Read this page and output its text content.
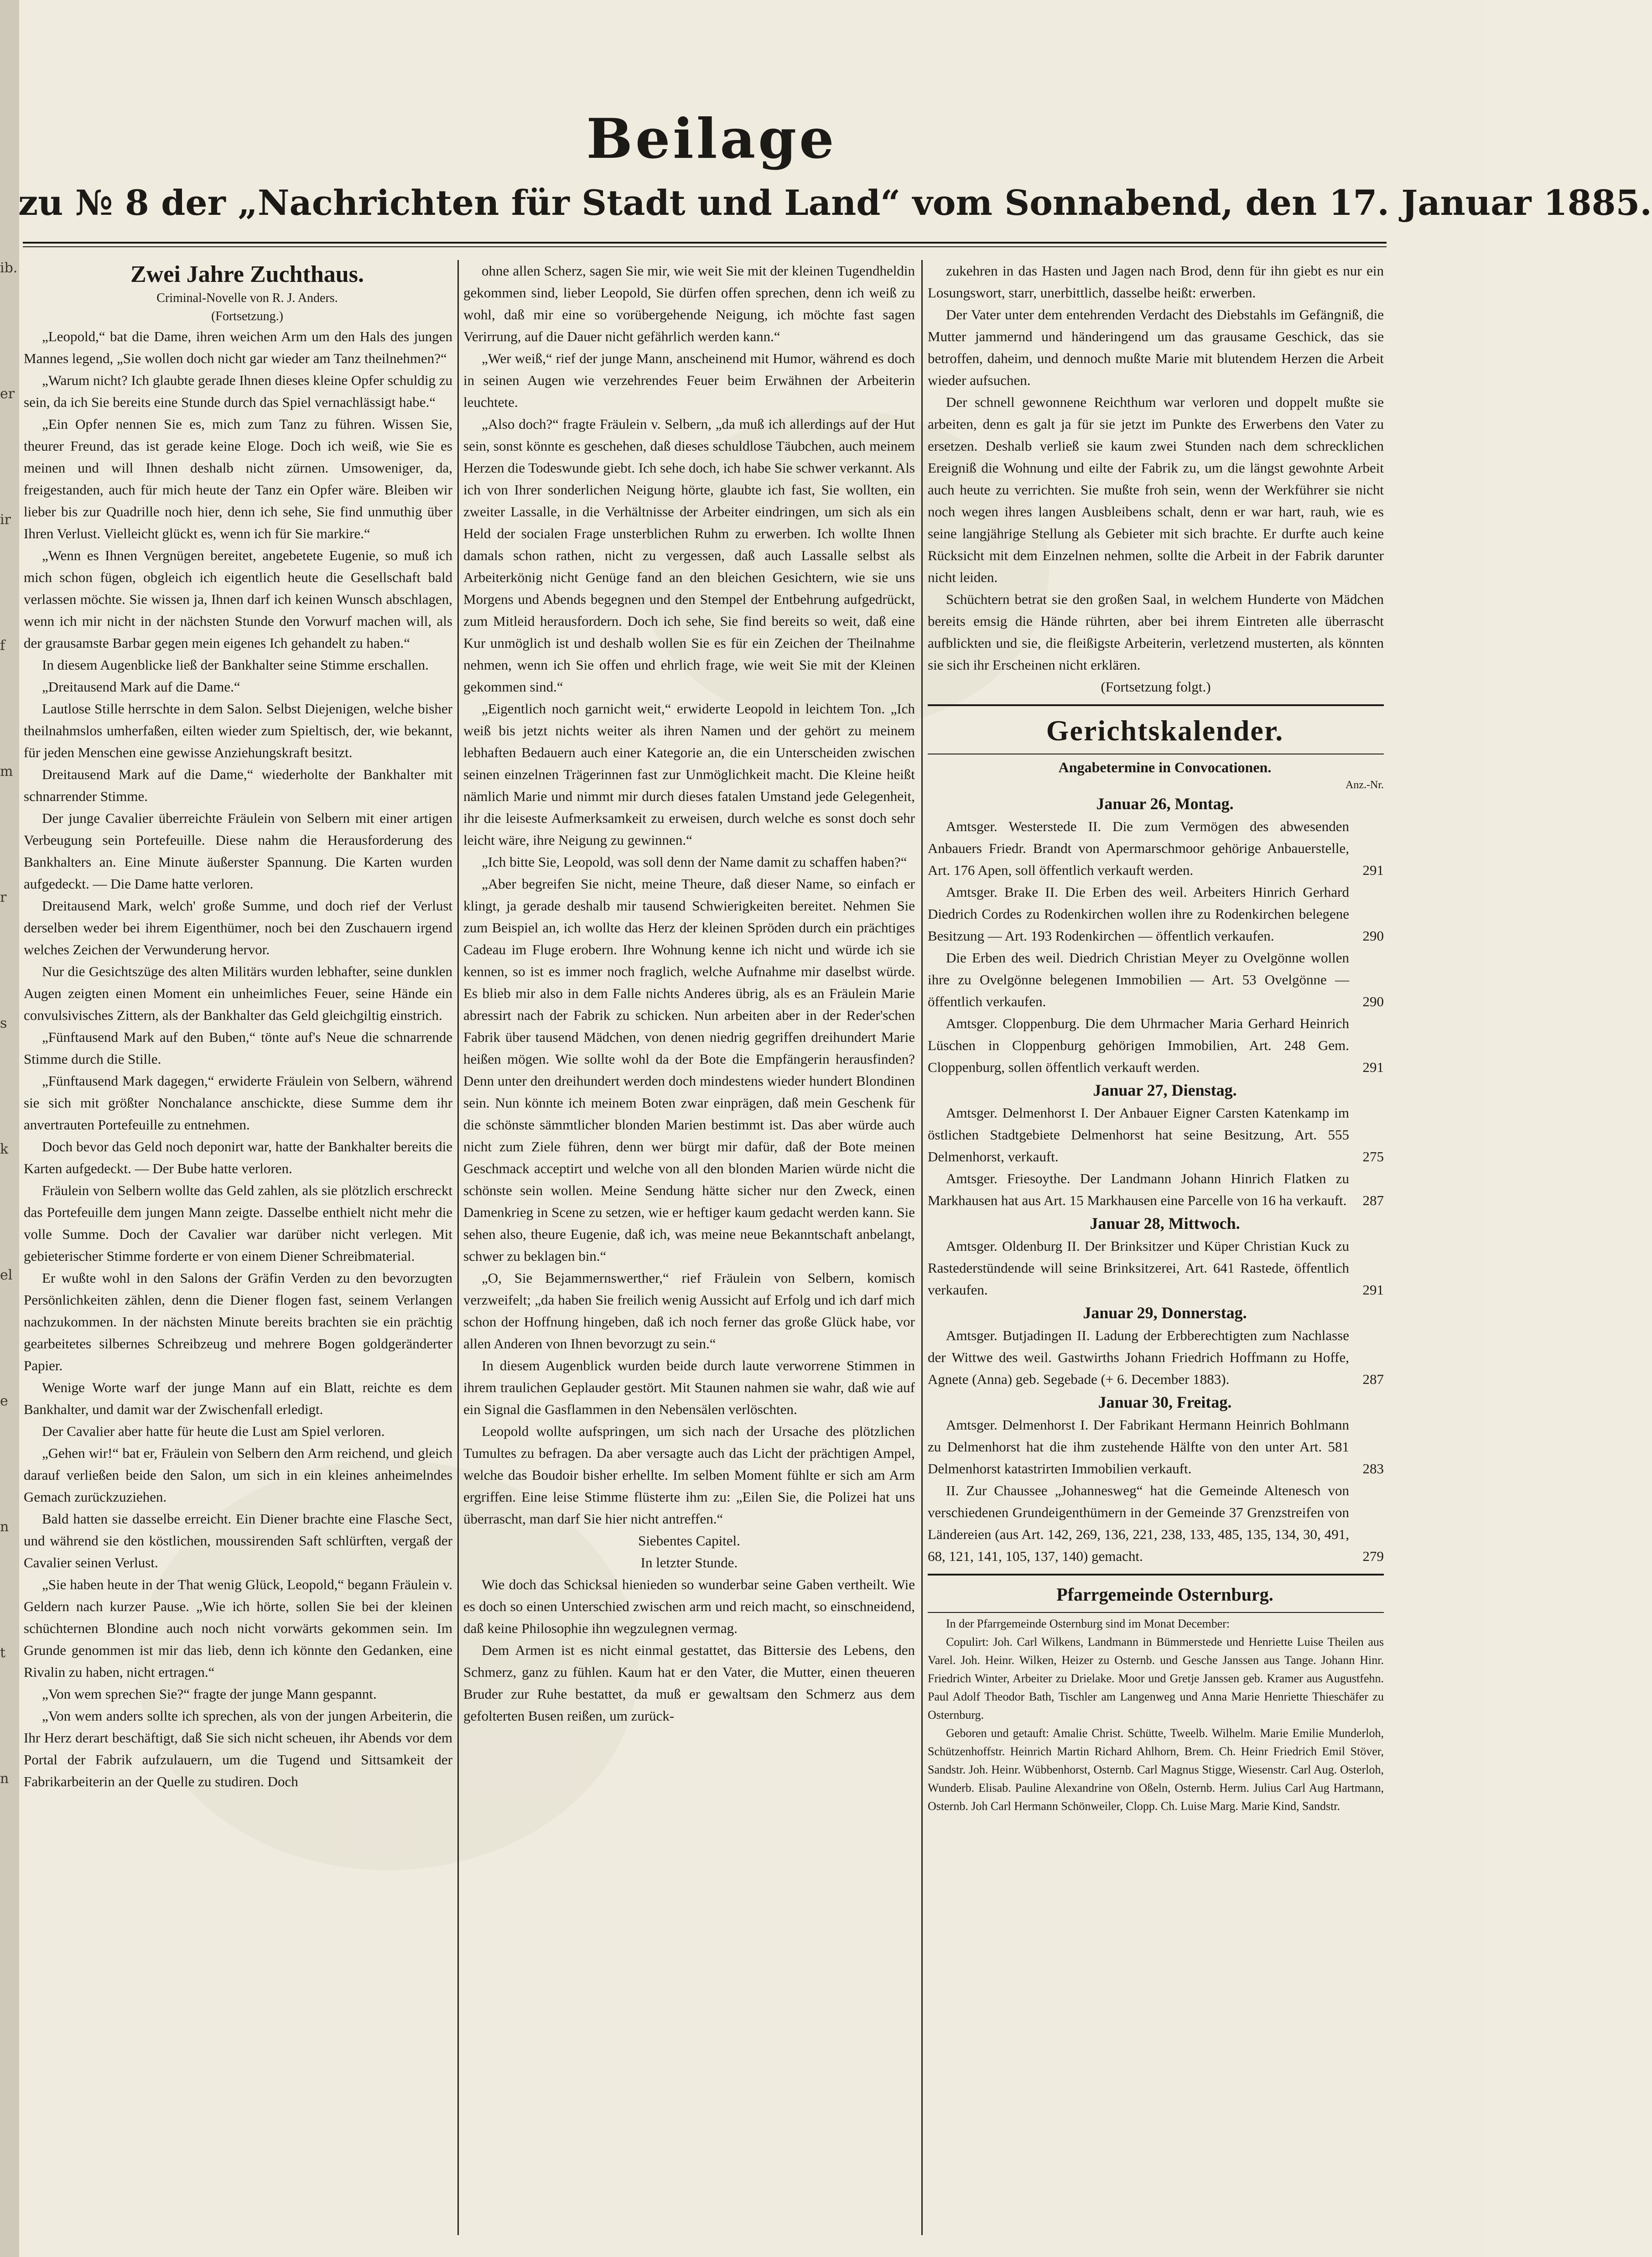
ib.
er
ir
f
m
r
s
k
el
e
n
t
n
Beilage
zu № 8 der „Nachrichten für Stadt und Land“ vom Sonnabend, den 17. Januar 1885.

Zwei Jahre Zuchthaus.

Criminal-Novelle von R. J. Anders.

(Fortsetzung.)

„Leopold,“ bat die Dame, ihren weichen Arm um den Hals des jungen Mannes legend, „Sie wollen doch nicht gar wieder am Tanz theilnehmen?“

„Warum nicht? Ich glaubte gerade Ihnen dieses kleine Opfer schuldig zu sein, da ich Sie bereits eine Stunde durch das Spiel vernachlässigt habe.“

„Ein Opfer nennen Sie es, mich zum Tanz zu führen. Wissen Sie, theurer Freund, das ist gerade keine Eloge. Doch ich weiß, wie Sie es meinen und will Ihnen deshalb nicht zürnen. Umsoweniger, da, freigestanden, auch für mich heute der Tanz ein Opfer wäre. Bleiben wir lieber bis zur Quadrille noch hier, denn ich sehe, Sie find unmuthig über Ihren Verlust. Vielleicht glückt es, wenn ich für Sie markire.“

„Wenn es Ihnen Vergnügen bereitet, angebetete Eugenie, so muß ich mich schon fügen, obgleich ich eigentlich heute die Gesellschaft bald verlassen möchte. Sie wissen ja, Ihnen darf ich keinen Wunsch abschlagen, wenn ich mir nicht in der nächsten Stunde den Vorwurf machen will, als der grausamste Barbar gegen mein eigenes Ich gehandelt zu haben.“

In diesem Augenblicke ließ der Bankhalter seine Stimme erschallen.

„Dreitausend Mark auf die Dame.“

Lautlose Stille herrschte in dem Salon. Selbst Diejenigen, welche bisher theilnahmslos umherfaßen, eilten wieder zum Spieltisch, der, wie bekannt, für jeden Menschen eine gewisse Anziehungskraft besitzt.

Dreitausend Mark auf die Dame,“ wiederholte der Bankhalter mit schnarrender Stimme.

Der junge Cavalier überreichte Fräulein von Selbern mit einer artigen Verbeugung sein Portefeuille. Diese nahm die Herausforderung des Bankhalters an. Eine Minute äußerster Spannung. Die Karten wurden aufgedeckt. — Die Dame hatte verloren.

Dreitausend Mark, welch' große Summe, und doch rief der Verlust derselben weder bei ihrem Eigenthümer, noch bei den Zuschauern irgend welches Zeichen der Verwunderung hervor.

Nur die Gesichtszüge des alten Militärs wurden lebhafter, seine dunklen Augen zeigten einen Moment ein unheimliches Feuer, seine Hände ein convulsivisches Zittern, als der Bankhalter das Geld gleichgiltig einstrich.

„Fünftausend Mark auf den Buben,“ tönte auf's Neue die schnarrende Stimme durch die Stille.

„Fünftausend Mark dagegen,“ erwiderte Fräulein von Selbern, während sie sich mit größter Nonchalance anschickte, diese Summe dem ihr anvertrauten Portefeuille zu entnehmen.

Doch bevor das Geld noch deponirt war, hatte der Bankhalter bereits die Karten aufgedeckt. — Der Bube hatte verloren.

Fräulein von Selbern wollte das Geld zahlen, als sie plötzlich erschreckt das Portefeuille dem jungen Mann zeigte. Dasselbe enthielt nicht mehr die volle Summe. Doch der Cavalier war darüber nicht verlegen. Mit gebieterischer Stimme forderte er von einem Diener Schreibmaterial.

Er wußte wohl in den Salons der Gräfin Verden zu den bevorzugten Persönlichkeiten zählen, denn die Diener flogen fast, seinem Verlangen nachzukommen. In der nächsten Minute bereits brachten sie ein prächtig gearbeitetes silbernes Schreibzeug und mehrere Bogen goldgeränderter Papier.

Wenige Worte warf der junge Mann auf ein Blatt, reichte es dem Bankhalter, und damit war der Zwischenfall erledigt.

Der Cavalier aber hatte für heute die Lust am Spiel verloren.

„Gehen wir!“ bat er, Fräulein von Selbern den Arm reichend, und gleich darauf verließen beide den Salon, um sich in ein kleines anheimelndes Gemach zurückzuziehen.

Bald hatten sie dasselbe erreicht. Ein Diener brachte eine Flasche Sect, und während sie den köstlichen, moussirenden Saft schlürften, vergaß der Cavalier seinen Verlust.

„Sie haben heute in der That wenig Glück, Leopold,“ begann Fräulein v. Geldern nach kurzer Pause. „Wie ich hörte, sollen Sie bei der kleinen schüchternen Blondine auch noch nicht vorwärts gekommen sein. Im Grunde genommen ist mir das lieb, denn ich könnte den Gedanken, eine Rivalin zu haben, nicht ertragen.“

„Von wem sprechen Sie?“ fragte der junge Mann gespannt.

„Von wem anders sollte ich sprechen, als von der jungen Arbeiterin, die Ihr Herz derart beschäftigt, daß Sie sich nicht scheuen, ihr Abends vor dem Portal der Fabrik aufzulauern, um die Tugend und Sittsamkeit der Fabrikarbeiterin an der Quelle zu studiren. Doch

ohne allen Scherz, sagen Sie mir, wie weit Sie mit der kleinen Tugendheldin gekommen sind, lieber Leopold, Sie dürfen offen sprechen, denn ich weiß zu wohl, daß mir eine so vorübergehende Neigung, ich möchte fast sagen Verirrung, auf die Dauer nicht gefährlich werden kann.“

„Wer weiß,“ rief der junge Mann, anscheinend mit Humor, während es doch in seinen Augen wie verzehrendes Feuer beim Erwähnen der Arbeiterin leuchtete.

„Also doch?“ fragte Fräulein v. Selbern, „da muß ich allerdings auf der Hut sein, sonst könnte es geschehen, daß dieses schuldlose Täubchen, auch meinem Herzen die Todeswunde giebt. Ich sehe doch, ich habe Sie schwer verkannt. Als ich von Ihrer sonderlichen Neigung hörte, glaubte ich fast, Sie wollten, ein zweiter Lassalle, in die Verhältnisse der Arbeiter eindringen, um sich als ein Held der socialen Frage unsterblichen Ruhm zu erwerben. Ich wollte Ihnen damals schon rathen, nicht zu vergessen, daß auch Lassalle selbst als Arbeiterkönig nicht Genüge fand an den bleichen Gesichtern, wie sie uns Morgens und Abends begegnen und den Stempel der Entbehrung aufgedrückt, zum Mitleid herausfordern. Doch ich sehe, Sie find bereits so weit, daß eine Kur unmöglich ist und deshalb wollen Sie es für ein Zeichen der Theilnahme nehmen, wenn ich Sie offen und ehrlich frage, wie weit Sie mit der Kleinen gekommen sind.“

„Eigentlich noch garnicht weit,“ erwiderte Leopold in leichtem Ton. „Ich weiß bis jetzt nichts weiter als ihren Namen und der gehört zu meinem lebhaften Bedauern auch einer Kategorie an, die ein Unterscheiden zwischen seinen einzelnen Trägerinnen fast zur Unmöglichkeit macht. Die Kleine heißt nämlich Marie und nimmt mir durch dieses fatalen Umstand jede Gelegenheit, ihr die leiseste Aufmerksamkeit zu erweisen, durch welche es sonst doch sehr leicht wäre, ihre Neigung zu gewinnen.“

„Ich bitte Sie, Leopold, was soll denn der Name damit zu schaffen haben?“

„Aber begreifen Sie nicht, meine Theure, daß dieser Name, so einfach er klingt, ja gerade deshalb mir tausend Schwierigkeiten bereitet. Nehmen Sie zum Beispiel an, ich wollte das Herz der kleinen Spröden durch ein prächtiges Cadeau im Fluge erobern. Ihre Wohnung kenne ich nicht und würde ich sie kennen, so ist es immer noch fraglich, welche Aufnahme mir daselbst würde. Es blieb mir also in dem Falle nichts Anderes übrig, als es an Fräulein Marie abressirt nach der Fabrik zu schicken. Nun arbeiten aber in der Reder'schen Fabrik über tausend Mädchen, von denen niedrig gegriffen dreihundert Marie heißen mögen. Wie sollte wohl da der Bote die Empfängerin herausfinden? Denn unter den dreihundert werden doch mindestens wieder hundert Blondinen sein. Nun könnte ich meinem Boten zwar einprägen, daß mein Geschenk für die schönste sämmtlicher blonden Marien bestimmt ist. Das aber würde auch nicht zum Ziele führen, denn wer bürgt mir dafür, daß der Bote meinen Geschmack acceptirt und welche von all den blonden Marien würde nicht die schönste sein wollen. Meine Sendung hätte sicher nur den Zweck, einen Damenkrieg in Scene zu setzen, wie er heftiger kaum gedacht werden kann. Sie sehen also, theure Eugenie, daß ich, was meine neue Bekanntschaft anbelangt, schwer zu beklagen bin.“

„O, Sie Bejammernswerther,“ rief Fräulein von Selbern, komisch verzweifelt; „da haben Sie freilich wenig Aussicht auf Erfolg und ich darf mich schon der Hoffnung hingeben, daß ich noch ferner das große Glück habe, vor allen Anderen von Ihnen bevorzugt zu sein.“

In diesem Augenblick wurden beide durch laute verworrene Stimmen in ihrem traulichen Geplauder gestört. Mit Staunen nahmen sie wahr, daß wie auf ein Signal die Gasflammen in den Nebensälen verlöschten.

Leopold wollte aufspringen, um sich nach der Ursache des plötzlichen Tumultes zu befragen. Da aber versagte auch das Licht der prächtigen Ampel, welche das Boudoir bisher erhellte. Im selben Moment fühlte er sich am Arm ergriffen. Eine leise Stimme flüsterte ihm zu: „Eilen Sie, die Polizei hat uns überrascht, man darf Sie hier nicht antreffen.“

Siebentes Capitel.

In letzter Stunde.

Wie doch das Schicksal hienieden so wunderbar seine Gaben vertheilt. Wie es doch so einen Unterschied zwischen arm und reich macht, so einschneidend, daß keine Philosophie ihn wegzulegnen vermag.

Dem Armen ist es nicht einmal gestattet, das Bittersie des Lebens, den Schmerz, ganz zu fühlen. Kaum hat er den Vater, die Mutter, einen theueren Bruder zur Ruhe bestattet, da muß er gewaltsam den Schmerz aus dem gefolterten Busen reißen, um zurück-

zukehren in das Hasten und Jagen nach Brod, denn für ihn giebt es nur ein Losungswort, starr, unerbittlich, dasselbe heißt: erwerben.

Der Vater unter dem entehrenden Verdacht des Diebstahls im Gefängniß, die Mutter jammernd und händeringend um das grausame Geschick, das sie betroffen, daheim, und dennoch mußte Marie mit blutendem Herzen die Arbeit wieder aufsuchen.

Der schnell gewonnene Reichthum war verloren und doppelt mußte sie arbeiten, denn es galt ja für sie jetzt im Punkte des Erwerbens den Vater zu ersetzen. Deshalb verließ sie kaum zwei Stunden nach dem schrecklichen Ereigniß die Wohnung und eilte der Fabrik zu, um die längst gewohnte Arbeit auch heute zu verrichten. Sie mußte froh sein, wenn der Werkführer sie nicht noch wegen ihres langen Ausbleibens schalt, denn er war hart, rauh, wie es seine langjährige Stellung als Gebieter mit sich brachte. Er durfte auch keine Rücksicht mit dem Einzelnen nehmen, sollte die Arbeit in der Fabrik darunter nicht leiden.

Schüchtern betrat sie den großen Saal, in welchem Hunderte von Mädchen bereits emsig die Hände rührten, aber bei ihrem Eintreten alle überrascht aufblickten und sie, die fleißigste Arbeiterin, verletzend musterten, als könnten sie sich ihr Erscheinen nicht erklären.

(Fortsetzung folgt.)

Gerichtskalender.

Angabetermine in Convocationen.

Anz.-Nr.

Januar 26, Montag.

Amtsger. Westerstede II. Die zum Vermögen des abwesenden Anbauers Friedr. Brandt von Apermarschmoor gehörige Anbauerstelle, Art. 176 Apen, soll öffentlich verkauft werden.	291
Amtsger. Brake II. Die Erben des weil. Arbeiters Hinrich Gerhard Diedrich Cordes zu Rodenkirchen wollen ihre zu Rodenkirchen belegene Besitzung — Art. 193 Rodenkirchen — öffentlich verkaufen.	290
Die Erben des weil. Diedrich Christian Meyer zu Ovelgönne wollen ihre zu Ovelgönne belegenen Immobilien — Art. 53 Ovelgönne — öffentlich verkaufen.	290
Amtsger. Cloppenburg. Die dem Uhrmacher Maria Gerhard Heinrich Lüschen in Cloppenburg gehörigen Immobilien, Art. 248 Gem. Cloppenburg, sollen öffentlich verkauft werden.	291

Januar 27, Dienstag.

Amtsger. Delmenhorst I. Der Anbauer Eigner Carsten Katenkamp im östlichen Stadtgebiete Delmenhorst hat seine Besitzung, Art. 555 Delmenhorst, verkauft.	275
Amtsger. Friesoythe. Der Landmann Johann Hinrich Flatken zu Markhausen hat aus Art. 15 Markhausen eine Parcelle von 16 ha verkauft.	287

Januar 28, Mittwoch.

Amtsger. Oldenburg II. Der Brinksitzer und Küper Christian Kuck zu Rastederstündende will seine Brinksitzerei, Art. 641 Rastede, öffentlich verkaufen.	291

Januar 29, Donnerstag.

Amtsger. Butjadingen II. Ladung der Erbberechtigten zum Nachlasse der Wittwe des weil. Gastwirths Johann Friedrich Hoffmann zu Hoffe, Agnete (Anna) geb. Segebade (+ 6. December 1883).	287

Januar 30, Freitag.

Amtsger. Delmenhorst I. Der Fabrikant Hermann Heinrich Bohlmann zu Delmenhorst hat die ihm zustehende Hälfte von den unter Art. 581 Delmenhorst katastrirten Immobilien verkauft.	283
II. Zur Chaussee „Johannesweg“ hat die Gemeinde Altenesch von verschiedenen Grundeigenthümern in der Gemeinde 37 Grenzstreifen von Ländereien (aus Art. 142, 269, 136, 221, 238, 133, 485, 135, 134, 30, 491, 68, 121, 141, 105, 137, 140) gemacht.	279

Pfarrgemeinde Osternburg.

In der Pfarrgemeinde Osternburg sind im Monat December:

Copulirt: Joh. Carl Wilkens, Landmann in Bümmerstede und Henriette Luise Theilen aus Varel. Joh. Heinr. Wilken, Heizer zu Osternb. und Gesche Janssen aus Tange. Johann Hinr. Friedrich Winter, Arbeiter zu Drielake. Moor und Gretje Janssen geb. Kramer aus Augustfehn. Paul Adolf Theodor Bath, Tischler am Langenweg und Anna Marie Henriette Thieschäfer zu Osternburg.

Geboren und getauft: Amalie Christ. Schütte, Tweelb. Wilhelm. Marie Emilie Munderloh, Schützenhoffstr. Heinrich Martin Richard Ahlhorn, Brem. Ch. Heinr Friedrich Emil Stöver, Sandstr. Joh. Heinr. Wübbenhorst, Osternb. Carl Magnus Stigge, Wiesenstr. Carl Aug. Osterloh, Wunderb. Elisab. Pauline Alexandrine von Oßeln, Osternb. Herm. Julius Carl Aug Hartmann, Osternb. Joh Carl Hermann Schönweiler, Clopp. Ch. Luise Marg. Marie Kind, Sandstr.
